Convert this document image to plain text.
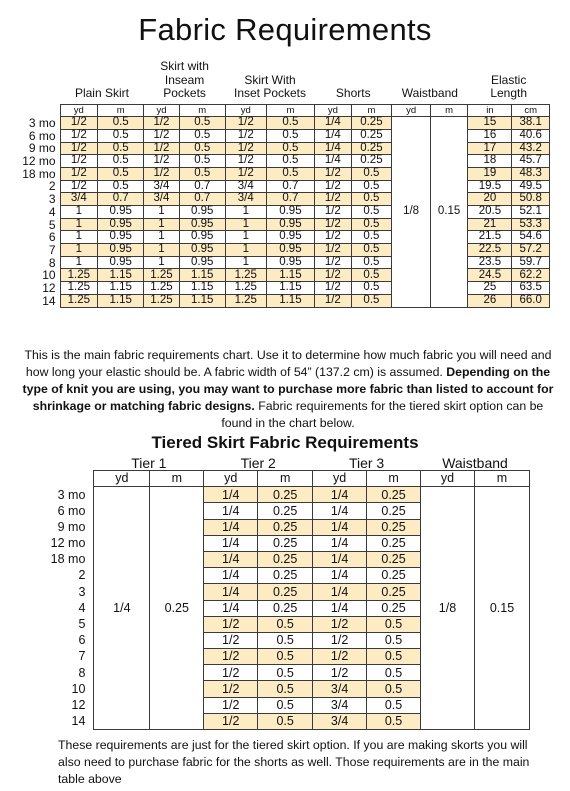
Fabric Requirements
	Plain Skirt		Skirt with
Inseam
Pockets		Skirt With
Inset Pockets		Shorts		Waistband		Elastic
Length	
	yd	m	yd	m	yd	m	yd	m	yd	m	in	cm
3 mo	1/2	0.5	1/2	0.5	1/2	0.5	1/4	0.25	1/8	0.15	15	38.1
6 mo	1/2	0.5	1/2	0.5	1/2	0.5	1/4	0.25			16	40.6
9 mo	1/2	0.5	1/2	0.5	1/2	0.5	1/4	0.25			17	43.2
12 mo	1/2	0.5	1/2	0.5	1/2	0.5	1/4	0.25			18	45.7
18 mo	1/2	0.5	1/2	0.5	1/2	0.5	1/2	0.5			19	48.3
2	1/2	0.5	3/4	0.7	3/4	0.7	1/2	0.5			19.5	49.5
3	3/4	0.7	3/4	0.7	3/4	0.7	1/2	0.5			20	50.8
4	1	0.95	1	0.95	1	0.95	1/2	0.5			20.5	52.1
5	1	0.95	1	0.95	1	0.95	1/2	0.5			21	53.3
6	1	0.95	1	0.95	1	0.95	1/2	0.5			21.5	54.6
7	1	0.95	1	0.95	1	0.95	1/2	0.5			22.5	57.2
8	1	0.95	1	0.95	1	0.95	1/2	0.5			23.5	59.7
10	1.25	1.15	1.25	1.15	1.25	1.15	1/2	0.5			24.5	62.2
12	1.25	1.15	1.25	1.15	1.25	1.15	1/2	0.5			25	63.5
14	1.25	1.15	1.25	1.15	1.25	1.15	1/2	0.5			26	66.0
This is the main fabric requirements chart. Use it to determine how much fabric you will need and how long your elastic should be. A fabric width of 54” (137.2 cm) is assumed. Depending on the type of knit you are using, you may want to purchase more fabric than listed to account for shrinkage or matching fabric designs. Fabric requirements for the tiered skirt option can be found in the chart below.
Tiered Skirt Fabric Requirements
	Tier 1		Tier 2		Tier 3		Waistband	
	yd	m	yd	m	yd	m	yd	m
3 mo	1/4	0.25	1/4	0.25	1/4	0.25	1/8	0.15
6 mo			1/4	0.25	1/4	0.25		
9 mo			1/4	0.25	1/4	0.25		
12 mo			1/4	0.25	1/4	0.25		
18 mo			1/4	0.25	1/4	0.25		
2			1/4	0.25	1/4	0.25		
3			1/4	0.25	1/4	0.25		
4			1/4	0.25	1/4	0.25		
5			1/2	0.5	1/2	0.5		
6			1/2	0.5	1/2	0.5		
7			1/2	0.5	1/2	0.5		
8			1/2	0.5	1/2	0.5		
10			1/2	0.5	3/4	0.5		
12			1/2	0.5	3/4	0.5		
14			1/2	0.5	3/4	0.5		
These requirements are just for the tiered skirt option. If you are making skorts you will also need to purchase fabric for the shorts as well. Those requirements are in the main table above
